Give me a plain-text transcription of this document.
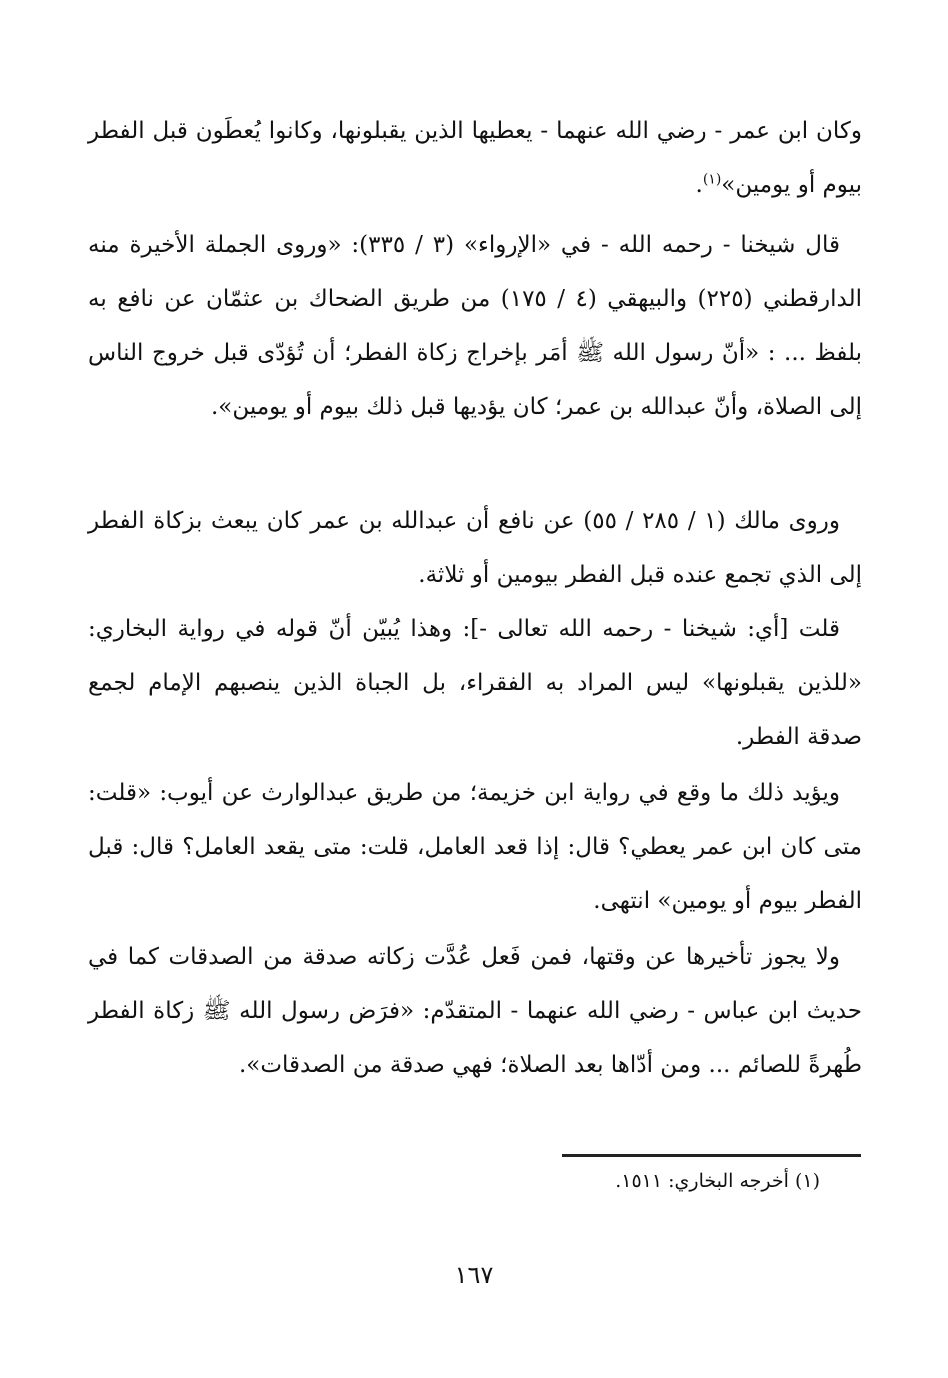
وكان ابن عمر - رضي الله عنهما - يعطيها الذين يقبلونها، وكانوا يُعطَون قبل الفطر بيوم أو يومين»$^{(١)}$.

قال شيخنا - رحمه الله - في «الإرواء» (٣ / ٣٣٥): «وروى الجملة الأخيرة منه الدارقطني (٢٢٥) والبيهقي (٤ / ١٧٥) من طريق الضحاك بن عثمّان عن نافع به بلفظ ... : «أنّ رسول الله ﷺ أمَر بإخراج زكاة الفطر؛ أن تُؤدّى قبل خروج الناس إلى الصلاة، وأنّ عبدالله بن عمر؛ كان يؤديها قبل ذلك بيوم أو يومين».

وروى مالك (١ / ٢٨٥ / ٥٥) عن نافع أن عبدالله بن عمر كان يبعث بزكاة الفطر إلى الذي تجمع عنده قبل الفطر بيومين أو ثلاثة.

قلت [أي: شيخنا - رحمه الله تعالى -]: وهذا يُبيّن أنّ قوله في رواية البخاري: «للذين يقبلونها» ليس المراد به الفقراء، بل الجباة الذين ينصبهم الإمام لجمع صدقة الفطر.

ويؤيد ذلك ما وقع في رواية ابن خزيمة؛ من طريق عبدالوارث عن أيوب: «قلت: متى كان ابن عمر يعطي؟ قال: إذا قعد العامل، قلت: متى يقعد العامل؟ قال: قبل الفطر بيوم أو يومين» انتهى.

ولا يجوز تأخيرها عن وقتها، فمن فَعل عُدَّت زكاته صدقة من الصدقات كما في حديث ابن عباس - رضي الله عنهما - المتقدّم: «فرَض رسول الله ﷺ زكاة الفطر طُهرةً للصائم ... ومن أدّاها بعد الصلاة؛ فهي صدقة من الصدقات».

(١) أخرجه البخاري: ١٥١١.
١٦٧
